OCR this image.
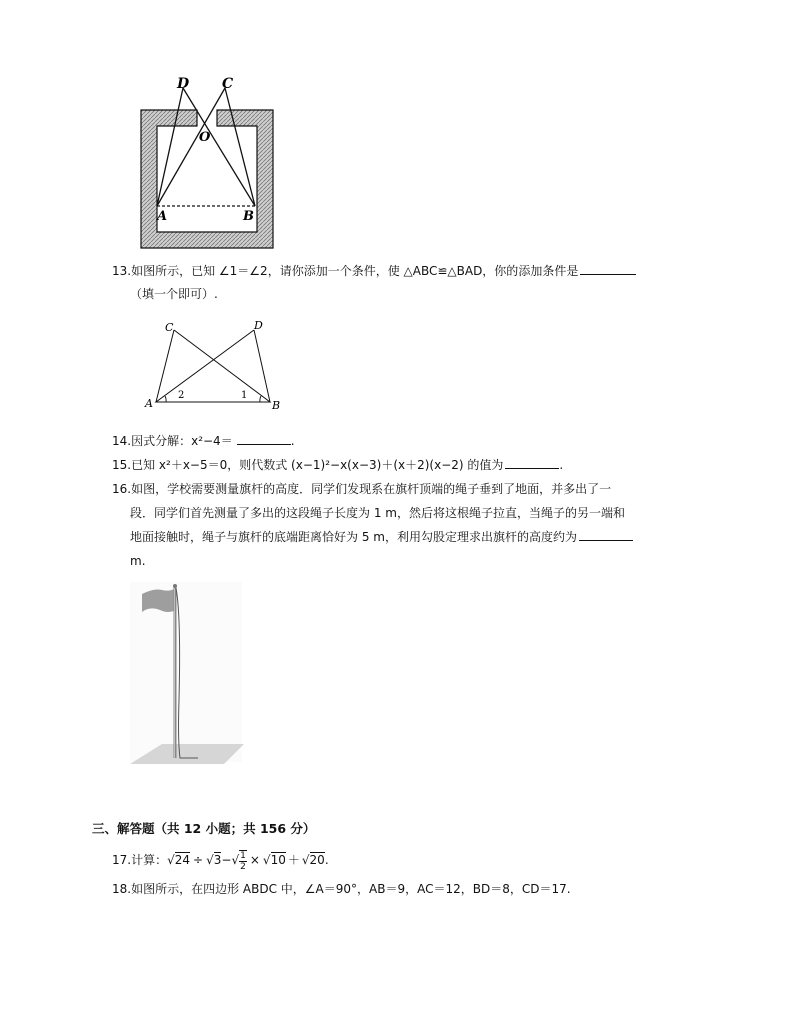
D C
O
A	B
13.如图所示，已知 ∠1＝∠2，请你添加一个条件，使 △ABC≌△BAD，你的添加条件是
（填一个即可）.
C	D
A	B
2	1
14.因式分解：x²−4＝	.
15.已知 x²＋x−5＝0，则代数式 (x−1)²−x(x−3)＋(x＋2)(x−2) 的值为	.
16.如图，学校需要测量旗杆的高度．同学们发现系在旗杆顶端的绳子垂到了地面，并多出了一
段．同学们首先测量了多出的这段绳子长度为 1 m，然后将这根绳子拉直，当绳子的另一端和
地面接触时，绳子与旗杆的底端距离恰好为 5 m，利用勾股定理求出旗杆的高度约为
m.
三、解答题（共 12 小题；共 156 分）
17.计算：$√24 \div √3-√ \frac{1}{2} \times √10 + √20$.
18.如图所示，在四边形 ABDC 中，∠A＝90°，AB＝9，AC＝12，BD＝8，CD＝17.
